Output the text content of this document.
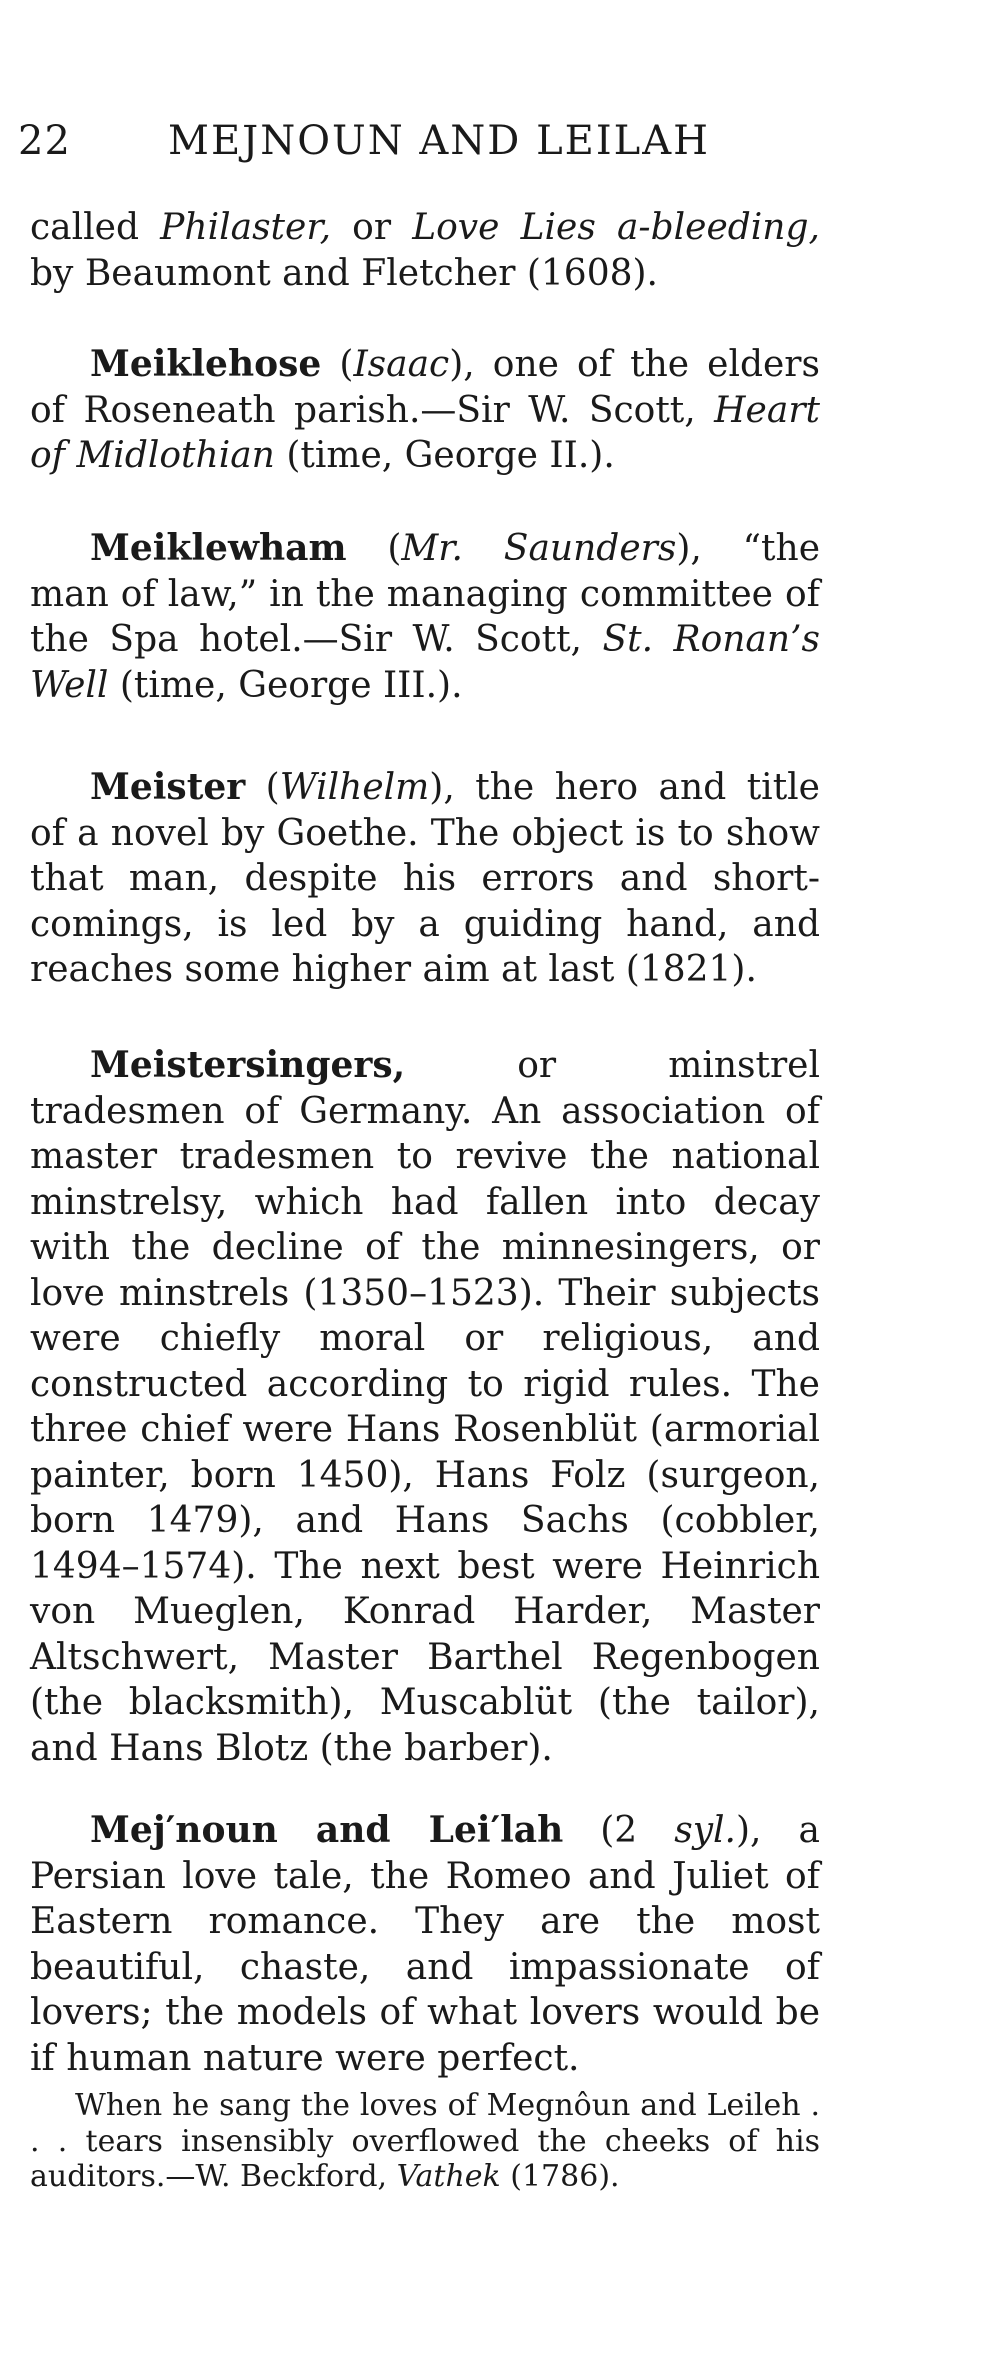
22 MEJNOUN AND LEILAH

called Philaster, or Love Lies a-bleeding, by Beaumont and Fletcher (1608).

Meiklehose (Isaac), one of the elders of Roseneath parish.—Sir W. Scott, Heart of Midlothian (time, George II.).

Meiklewham (Mr. Saunders), “the man of law,” in the managing committee of the Spa hotel.—Sir W. Scott, St. Ronan’s Well (time, George III.).

Meister (Wilhelm), the hero and title of a novel by Goethe. The object is to show that man, despite his errors and short-comings, is led by a guiding hand, and reaches some higher aim at last (1821).

Meistersingers, or minstrel tradesmen of Germany. An association of master tradesmen to revive the national minstrelsy, which had fallen into decay with the decline of the minnesingers, or love minstrels (1350–1523). Their subjects were chiefly moral or religious, and constructed according to rigid rules. The three chief were Hans Rosenblüt (armorial painter, born 1450), Hans Folz (surgeon, born 1479), and Hans Sachs (cobbler, 1494–1574). The next best were Heinrich von Mueglen, Konrad Harder, Master Altschwert, Master Barthel Regenbogen (the blacksmith), Muscablüt (the tailor), and Hans Blotz (the barber).

Mej′noun and Lei′lah (2 syl.), a Persian love tale, the Romeo and Juliet of Eastern romance. They are the most beautiful, chaste, and impassionate of lovers; the models of what lovers would be if human nature were perfect.

When he sang the loves of Megnôun and Leileh . . . tears insensibly overflowed the cheeks of his auditors.—W. Beckford, Vathek (1786).
